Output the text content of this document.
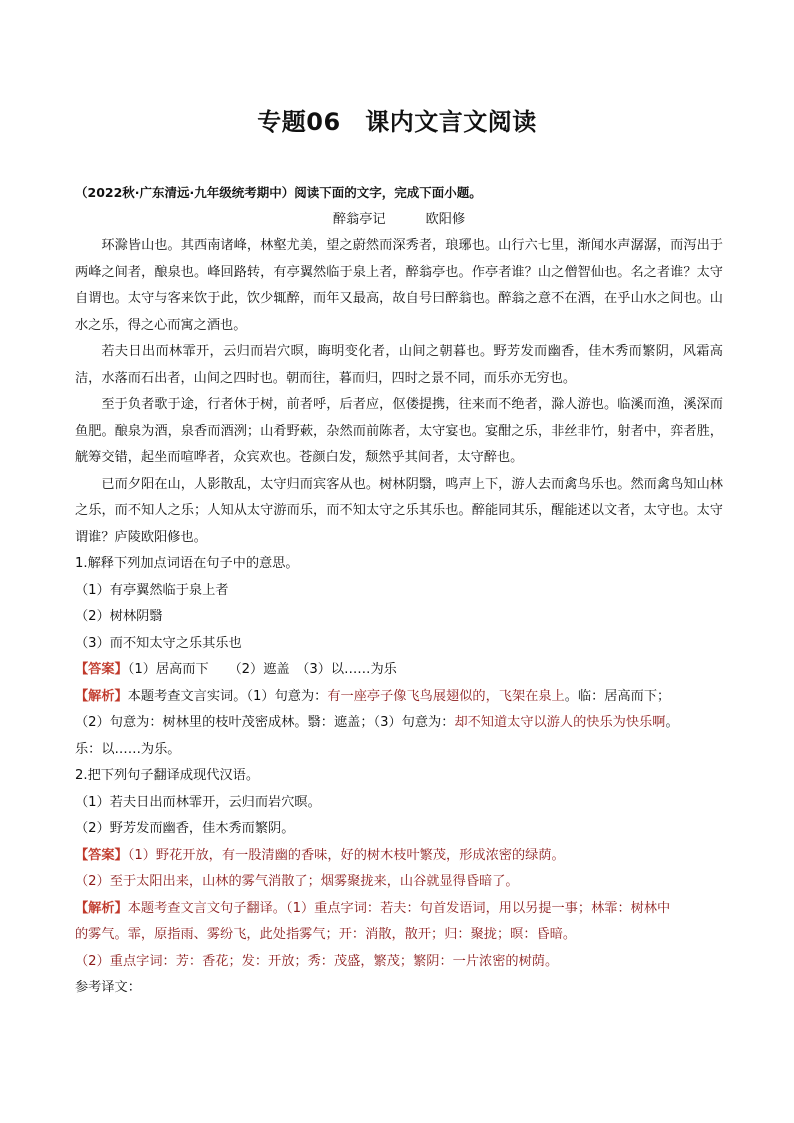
专题06　课内文言文阅读

（2022秋·广东清远·九年级统考期中）阅读下面的文字，完成下面小题。

醉翁亭记	欧阳修

环滁皆山也。其西南诸峰，林壑尤美，望之蔚然而深秀者，琅琊也。山行六七里，渐闻水声潺潺，而泻出于两峰之间者，酿泉也。峰回路转，有亭翼然临于泉上者，醉翁亭也。作亭者谁？山之僧智仙也。名之者谁？太守自谓也。太守与客来饮于此，饮少辄醉，而年又最高，故自号曰醉翁也。醉翁之意不在酒，在乎山水之间也。山水之乐，得之心而寓之酒也。

若夫日出而林霏开，云归而岩穴暝，晦明变化者，山间之朝暮也。野芳发而幽香，佳木秀而繁阴，风霜高洁，水落而石出者，山间之四时也。朝而往，暮而归，四时之景不同，而乐亦无穷也。

至于负者歌于途，行者休于树，前者呼，后者应，伛偻提携，往来而不绝者，滁人游也。临溪而渔，溪深而鱼肥。酿泉为酒，泉香而酒洌；山肴野蔌，杂然而前陈者，太守宴也。宴酣之乐，非丝非竹，射者中，弈者胜，觥筹交错，起坐而喧哗者，众宾欢也。苍颜白发，颓然乎其间者，太守醉也。

已而夕阳在山，人影散乱，太守归而宾客从也。树林阴翳，鸣声上下，游人去而禽鸟乐也。然而禽鸟知山林之乐，而不知人之乐；人知从太守游而乐，而不知太守之乐其乐也。醉能同其乐，醒能述以文者，太守也。太守谓谁？庐陵欧阳修也。

1.解释下列加点词语在句子中的意思。

（1）有亭翼然临于泉上者

（2）树林阴翳

（3）而不知太守之乐其乐也

【答案】（1）居高而下　　（2）遮盖　（3）以……为乐

【解析】本题考查文言实词。（1）句意为：有一座亭子像飞鸟展翅似的，飞架在泉上。临：居高而下；

（2）句意为：树林里的枝叶茂密成林。翳：遮盖；（3）句意为：却不知道太守以游人的快乐为快乐啊。

乐：以……为乐。

2.把下列句子翻译成现代汉语。

（1）若夫日出而林霏开，云归而岩穴暝。

（2）野芳发而幽香，佳木秀而繁阴。

【答案】（1）野花开放，有一股清幽的香味，好的树木枝叶繁茂，形成浓密的绿荫。

（2）至于太阳出来，山林的雾气消散了；烟雾聚拢来，山谷就显得昏暗了。

【解析】本题考查文言文句子翻译。（1）重点字词：若夫：句首发语词，用以另提一事；林霏：树林中

的雾气。霏，原指雨、雾纷飞，此处指雾气；开：消散，散开；归：聚拢；暝：昏暗。

（2）重点字词：芳：香花；发：开放；秀：茂盛，繁茂；繁阴：一片浓密的树荫。

参考译文：
